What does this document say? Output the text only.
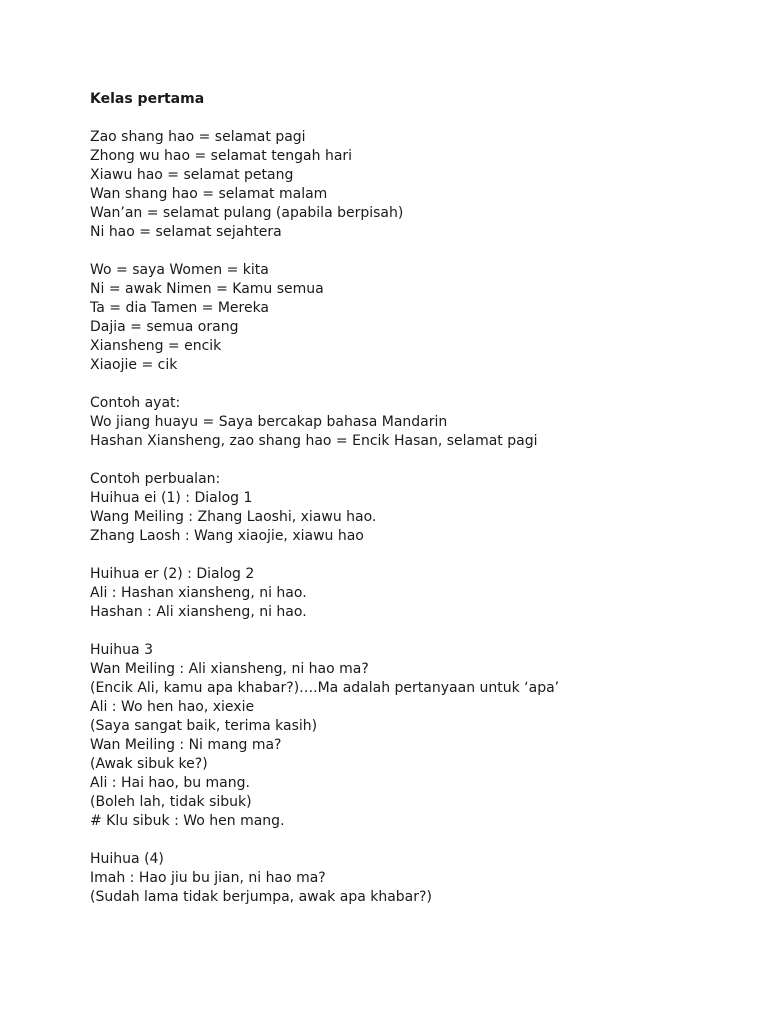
Kelas pertama
Zao shang hao = selamat pagi
Zhong wu hao = selamat tengah hari
Xiawu hao = selamat petang
Wan shang hao = selamat malam
Wan’an = selamat pulang (apabila berpisah)
Ni hao = selamat sejahtera
Wo = saya Women = kita
Ni = awak Nimen = Kamu semua
Ta = dia Tamen = Mereka
Dajia = semua orang
Xiansheng = encik
Xiaojie = cik
Contoh ayat:
Wo jiang huayu = Saya bercakap bahasa Mandarin
Hashan Xiansheng, zao shang hao = Encik Hasan, selamat pagi
Contoh perbualan:
Huihua ei (1) : Dialog 1
Wang Meiling : Zhang Laoshi, xiawu hao.
Zhang Laosh : Wang xiaojie, xiawu hao
Huihua er (2) : Dialog 2
Ali : Hashan xiansheng, ni hao.
Hashan : Ali xiansheng, ni hao.
Huihua 3
Wan Meiling : Ali xiansheng, ni hao ma?
(Encik Ali, kamu apa khabar?)….Ma adalah pertanyaan untuk ‘apa’
Ali : Wo hen hao, xiexie
(Saya sangat baik, terima kasih)
Wan Meiling : Ni mang ma?
(Awak sibuk ke?)
Ali : Hai hao, bu mang.
(Boleh lah, tidak sibuk)
# Klu sibuk : Wo hen mang.
Huihua (4)
Imah : Hao jiu bu jian, ni hao ma?
(Sudah lama tidak berjumpa, awak apa khabar?)
